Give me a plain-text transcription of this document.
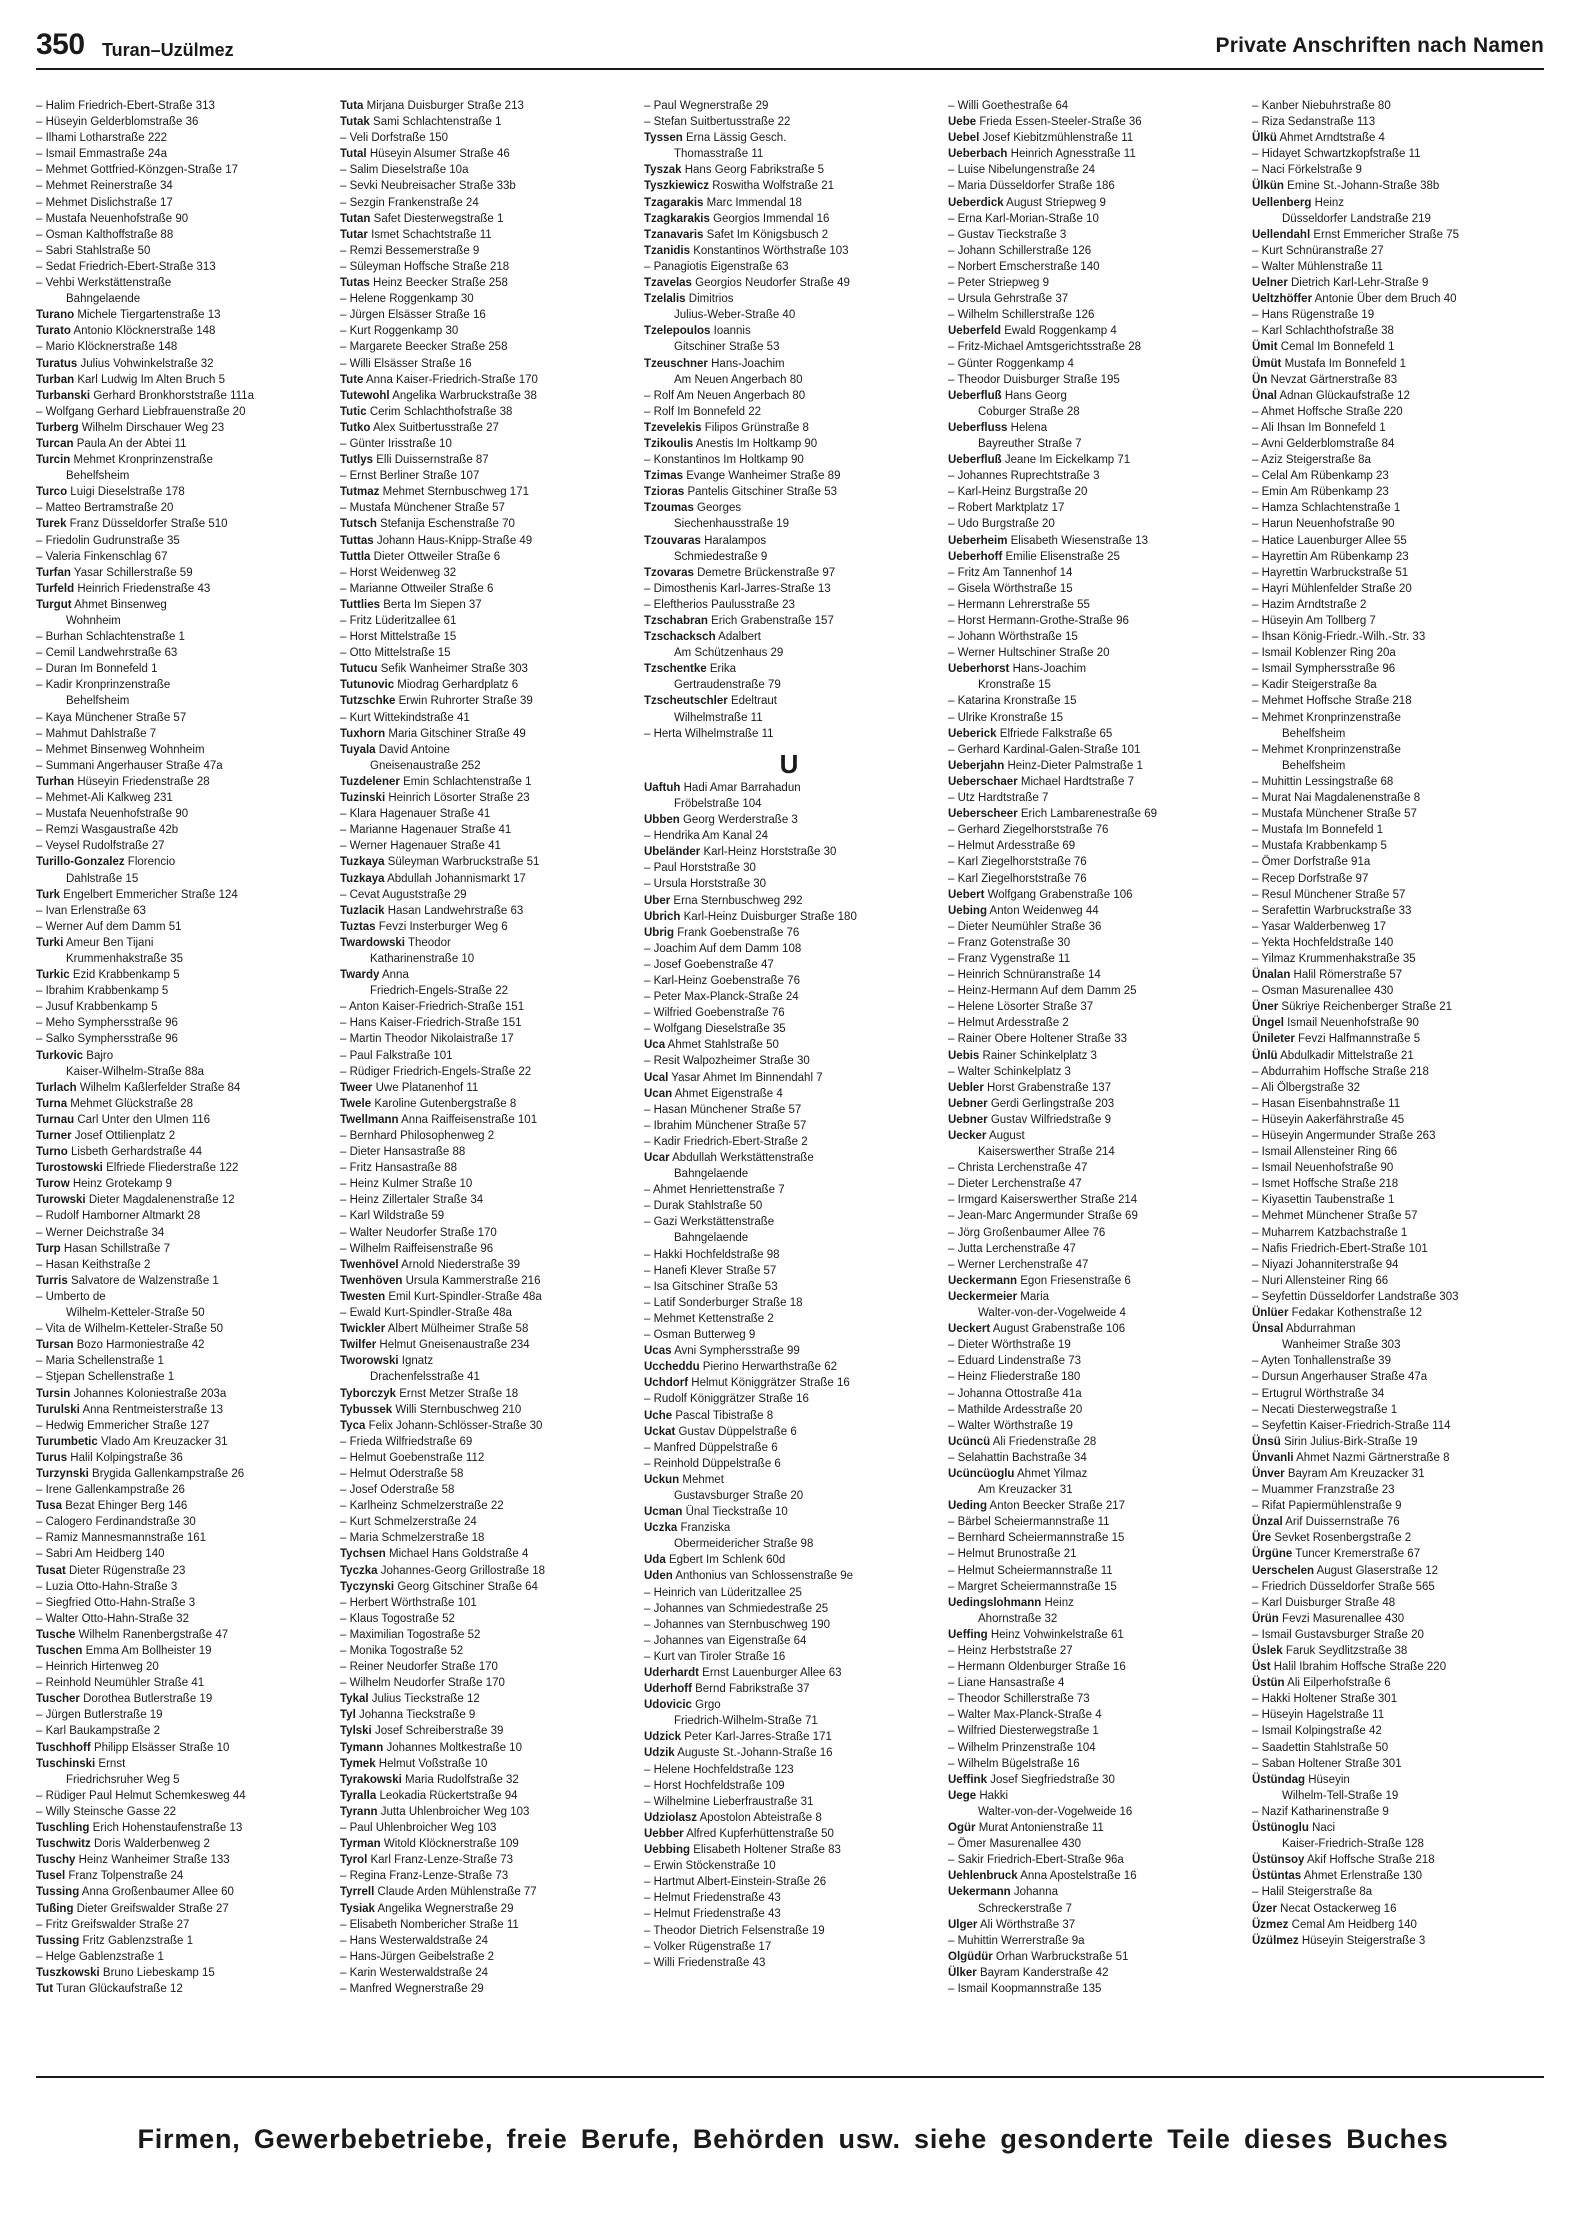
350 Turan–Uzülmez	Private Anschriften nach Namen
– Halim Friedrich-Ebert-Straße 313
– Hüseyin Gelderblomstraße 36
– Ilhami Lotharstraße 222
– Ismail Emmastraße 24a
– Mehmet Gottfried-Könzgen-Straße 17
– Mehmet Reinerstraße 34
– Mehmet Dislichstraße 17
– Mustafa Neuenhofstraße 90
– Osman Kalthoffstraße 88
– Sabri Stahlstraße 50
– Sedat Friedrich-Ebert-Straße 313
– Vehbi Werkstättenstraße
Bahngelaende
Turano Michele Tiergartenstraße 13
Turato Antonio Klöcknerstraße 148
– Mario Klöcknerstraße 148
Turatus Julius Vohwinkelstraße 32
Turban Karl Ludwig Im Alten Bruch 5
Turbanski Gerhard Bronkhorststraße 111a
– Wolfgang Gerhard Liebfrauenstraße 20
Turberg Wilhelm Dirschauer Weg 23
Turcan Paula An der Abtei 11
Turcin Mehmet Kronprinzenstraße
Behelfsheim
Turco Luigi Dieselstraße 178
– Matteo Bertramstraße 20
Turek Franz Düsseldorfer Straße 510
– Friedolin Gudrunstraße 35
– Valeria Finkenschlag 67
Turfan Yasar Schillerstraße 59
Turfeld Heinrich Friedenstraße 43
Turgut Ahmet Binsenweg
Wohnheim
– Burhan Schlachtenstraße 1
– Cemil Landwehrstraße 63
– Duran Im Bonnefeld 1
– Kadir Kronprinzenstraße
Behelfsheim
– Kaya Münchener Straße 57
– Mahmut Dahlstraße 7
– Mehmet Binsenweg Wohnheim
– Summani Angerhauser Straße 47a
Turhan Hüseyin Friedenstraße 28
– Mehmet-Ali Kalkweg 231
– Mustafa Neuenhofstraße 90
– Remzi Wasgaustraße 42b
– Veysel Rudolfstraße 27
Turillo-Gonzalez Florencio
Dahlstraße 15
Turk Engelbert Emmericher Straße 124
– Ivan Erlenstraße 63
– Werner Auf dem Damm 51
Turki Ameur Ben Tijani
Krummenhakstraße 35
Turkic Ezid Krabbenkamp 5
– Ibrahim Krabbenkamp 5
– Jusuf Krabbenkamp 5
– Meho Symphersstraße 96
– Salko Symphersstraße 96
Turkovic Bajro
Kaiser-Wilhelm-Straße 88a
Turlach Wilhelm Kaßlerfelder Straße 84
Turna Mehmet Glückstraße 28
Turnau Carl Unter den Ulmen 116
Turner Josef Ottilienplatz 2
Turno Lisbeth Gerhardstraße 44
Turostowski Elfriede Fliederstraße 122
Turow Heinz Grotekamp 9
Turowski Dieter Magdalenenstraße 12
– Rudolf Hamborner Altmarkt 28
– Werner Deichstraße 34
Turp Hasan Schillstraße 7
– Hasan Keithstraße 2
Turris Salvatore de Walzenstraße 1
– Umberto de
Wilhelm-Ketteler-Straße 50
– Vita de Wilhelm-Ketteler-Straße 50
Tursan Bozo Harmoniestraße 42
– Maria Schellenstraße 1
– Stjepan Schellenstraße 1
Tursin Johannes Koloniestraße 203a
Turulski Anna Rentmeisterstraße 13
– Hedwig Emmericher Straße 127
Turumbetic Vlado Am Kreuzacker 31
Turus Halil Kolpingstraße 36
Turzynski Brygida Gallenkampstraße 26
– Irene Gallenkampstraße 26
Tusa Bezat Ehinger Berg 146
– Calogero Ferdinandstraße 30
– Ramiz Mannesmannstraße 161
– Sabri Am Heidberg 140
Tusat Dieter Rügenstraße 23
– Luzia Otto-Hahn-Straße 3
– Siegfried Otto-Hahn-Straße 3
– Walter Otto-Hahn-Straße 32
Tusche Wilhelm Ranenbergstraße 47
Tuschen Emma Am Bollheister 19
– Heinrich Hirtenweg 20
– Reinhold Neumühler Straße 41
Tuscher Dorothea Butlerstraße 19
– Jürgen Butlerstraße 19
– Karl Baukampstraße 2
Tuschhoff Philipp Elsässer Straße 10
Tuschinski Ernst
Friedrichsruher Weg 5
– Rüdiger Paul Helmut Schemkesweg 44
– Willy Steinsche Gasse 22
Tuschling Erich Hohenstaufenstraße 13
Tuschwitz Doris Walderbenweg 2
Tuschy Heinz Wanheimer Straße 133
Tusel Franz Tolpenstraße 24
Tussing Anna Großenbaumer Allee 60
Tußing Dieter Greifswalder Straße 27
– Fritz Greifswalder Straße 27
Tussing Fritz Gablenzstraße 1
– Helge Gablenzstraße 1
Tuszkowski Bruno Liebeskamp 15
Tut Turan Glückaufstraße 12
Tuta Mirjana Duisburger Straße 213
Tutak Sami Schlachtenstraße 1
– Veli Dorfstraße 150
Tutal Hüseyin Alsumer Straße 46
– Salim Dieselstraße 10a
– Sevki Neubreisacher Straße 33b
– Sezgin Frankenstraße 24
Tutan Safet Diesterwegstraße 1
Tutar Ismet Schachtstraße 11
– Remzi Bessemerstraße 9
– Süleyman Hoffsche Straße 218
Tutas Heinz Beecker Straße 258
– Helene Roggenkamp 30
– Jürgen Elsässer Straße 16
– Kurt Roggenkamp 30
– Margarete Beecker Straße 258
– Willi Elsässer Straße 16
Tute Anna Kaiser-Friedrich-Straße 170
Tutewohl Angelika Warbruckstraße 38
Tutic Cerim Schlachthofstraße 38
Tutko Alex Suitbertusstraße 27
– Günter Irisstraße 10
Tutlys Elli Duissernstraße 87
– Ernst Berliner Straße 107
Tutmaz Mehmet Sternbuschweg 171
– Mustafa Münchener Straße 57
Tutsch Stefanija Eschenstraße 70
Tuttas Johann Haus-Knipp-Straße 49
Tuttla Dieter Ottweiler Straße 6
– Horst Weidenweg 32
– Marianne Ottweiler Straße 6
Tuttlies Berta Im Siepen 37
– Fritz Lüderitzallee 61
– Horst Mittelstraße 15
– Otto Mittelstraße 15
Tutucu Sefik Wanheimer Straße 303
Tutunovic Miodrag Gerhardplatz 6
Tutzschke Erwin Ruhrorter Straße 39
– Kurt Wittekindstraße 41
Tuxhorn Maria Gitschiner Straße 49
Tuyala David Antoine
Gneisenaustraße 252
Tuzdelener Emin Schlachtenstraße 1
Tuzinski Heinrich Lösorter Straße 23
– Klara Hagenauer Straße 41
– Marianne Hagenauer Straße 41
– Werner Hagenauer Straße 41
Tuzkaya Süleyman Warbruckstraße 51
Tuzkaya Abdullah Johannismarkt 17
– Cevat Auguststraße 29
Tuzlacik Hasan Landwehrstraße 63
Tuztas Fevzi Insterburger Weg 6
Twardowski Theodor
Katharinenstraße 10
Twardy Anna
Friedrich-Engels-Straße 22
– Anton Kaiser-Friedrich-Straße 151
– Hans Kaiser-Friedrich-Straße 151
– Martin Theodor Nikolaistraße 17
– Paul Falkstraße 101
– Rüdiger Friedrich-Engels-Straße 22
Tweer Uwe Platanenhof 11
Twele Karoline Gutenbergstraße 8
Twellmann Anna Raiffeisenstraße 101
– Bernhard Philosophenweg 2
– Dieter Hansastraße 88
– Fritz Hansastraße 88
– Heinz Kulmer Straße 10
– Heinz Zillertaler Straße 34
– Karl Wildstraße 59
– Walter Neudorfer Straße 170
– Wilhelm Raiffeisenstraße 96
Twenhövel Arnold Niederstraße 39
Twenhöven Ursula Kammerstraße 216
Twesten Emil Kurt-Spindler-Straße 48a
– Ewald Kurt-Spindler-Straße 48a
Twickler Albert Mülheimer Straße 58
Twilfer Helmut Gneisenaustraße 234
Tworowski Ignatz
Drachenfelsstraße 41
Tyborczyk Ernst Metzer Straße 18
Tybussek Willi Sternbuschweg 210
Tyca Felix Johann-Schlösser-Straße 30
– Frieda Wilfriedstraße 69
– Helmut Goebenstraße 112
– Helmut Oderstraße 58
– Josef Oderstraße 58
– Karlheinz Schmelzerstraße 22
– Kurt Schmelzerstraße 24
– Maria Schmelzerstraße 18
Tychsen Michael Hans Goldstraße 4
Tyczka Johannes-Georg Grillostraße 18
Tyczynski Georg Gitschiner Straße 64
– Herbert Wörthstraße 101
– Klaus Togostraße 52
– Maximilian Togostraße 52
– Monika Togostraße 52
– Reiner Neudorfer Straße 170
– Wilhelm Neudorfer Straße 170
Tykal Julius Tieckstraße 12
Tyl Johanna Tieckstraße 9
Tylski Josef Schreiberstraße 39
Tymann Johannes Moltkestraße 10
Tymek Helmut Voßstraße 10
Tyrakowski Maria Rudolfstraße 32
Tyralla Leokadia Rückertstraße 94
Tyrann Jutta Uhlenbroicher Weg 103
– Paul Uhlenbroicher Weg 103
Tyrman Witold Klöcknerstraße 109
Tyrol Karl Franz-Lenze-Straße 73
– Regina Franz-Lenze-Straße 73
Tyrrell Claude Arden Mühlenstraße 77
Tysiak Angelika Wegnerstraße 29
– Elisabeth Nombericher Straße 11
– Hans Westerwaldstraße 24
– Hans-Jürgen Geibelstraße 2
– Karin Westerwaldstraße 24
– Manfred Wegnerstraße 29
– Paul Wegnerstraße 29
– Stefan Suitbertusstraße 22
Tyssen Erna Lässig Gesch.
Thomasstraße 11
Tyszak Hans Georg Fabrikstraße 5
Tyszkiewicz Roswitha Wolfstraße 21
Tzagarakis Marc Immendal 18
Tzagkarakis Georgios Immendal 16
Tzanavaris Safet Im Königsbusch 2
Tzanidis Konstantinos Wörthstraße 103
– Panagiotis Eigenstraße 63
Tzavelas Georgios Neudorfer Straße 49
Tzelalis Dimitrios
Julius-Weber-Straße 40
Tzelepoulos Ioannis
Gitschiner Straße 53
Tzeuschner Hans-Joachim
Am Neuen Angerbach 80
– Rolf Am Neuen Angerbach 80
– Rolf Im Bonnefeld 22
Tzevelekis Filipos Grünstraße 8
Tzikoulis Anestis Im Holtkamp 90
– Konstantinos Im Holtkamp 90
Tzimas Evange Wanheimer Straße 89
Tzioras Pantelis Gitschiner Straße 53
Tzoumas Georges
Siechenhausstraße 19
Tzouvaras Haralampos
Schmiedestraße 9
Tzovaras Demetre Brückenstraße 97
– Dimosthenis Karl-Jarres-Straße 13
– Eleftherios Paulusstraße 23
Tzschabran Erich Grabenstraße 157
Tzschacksch Adalbert
Am Schützenhaus 29
Tzschentke Erika
Gertraudenstraße 79
Tzscheutschler Edeltraut
Wilhelmstraße 11
– Herta Wilhelmstraße 11
U
Uaftuh Hadi Amar Barrahadun
Fröbelstraße 104
Ubben Georg Werderstraße 3
– Hendrika Am Kanal 24
Ubeländer Karl-Heinz Horststraße 30
– Paul Horststraße 30
– Ursula Horststraße 30
Uber Erna Sternbuschweg 292
Ubrich Karl-Heinz Duisburger Straße 180
Ubrig Frank Goebenstraße 76
– Joachim Auf dem Damm 108
– Josef Goebenstraße 47
– Karl-Heinz Goebenstraße 76
– Peter Max-Planck-Straße 24
– Wilfried Goebenstraße 76
– Wolfgang Dieselstraße 35
Uca Ahmet Stahlstraße 50
– Resit Walpozheimer Straße 30
Ucal Yasar Ahmet Im Binnendahl 7
Ucan Ahmet Eigenstraße 4
– Hasan Münchener Straße 57
– Ibrahim Münchener Straße 57
– Kadir Friedrich-Ebert-Straße 2
Ucar Abdullah Werkstättenstraße
Bahngelaende
– Ahmet Henriettenstraße 7
– Durak Stahlstraße 50
– Gazi Werkstättenstraße
Bahngelaende
– Hakki Hochfeldstraße 98
– Hanefi Klever Straße 57
– Isa Gitschiner Straße 53
– Latif Sonderburger Straße 18
– Mehmet Kettenstraße 2
– Osman Butterweg 9
Ucas Avni Symphersstraße 99
Uccheddu Pierino Herwarthstraße 62
Uchdorf Helmut Königgrätzer Straße 16
– Rudolf Königgrätzer Straße 16
Uche Pascal Tibistraße 8
Uckat Gustav Düppelstraße 6
– Manfred Düppelstraße 6
– Reinhold Düppelstraße 6
Uckun Mehmet
Gustavsburger Straße 20
Ucman Ünal Tieckstraße 10
Uczka Franziska
Obermeidericher Straße 98
Uda Egbert Im Schlenk 60d
Uden Anthonius van Schlossenstraße 9e
– Heinrich van Lüderitzallee 25
– Johannes van Schmiedestraße 25
– Johannes van Sternbuschweg 190
– Johannes van Eigenstraße 64
– Kurt van Tiroler Straße 16
Uderhardt Ernst Lauenburger Allee 63
Uderhoff Bernd Fabrikstraße 37
Udovicic Grgo
Friedrich-Wilhelm-Straße 71
Udzick Peter Karl-Jarres-Straße 171
Udzik Auguste St.-Johann-Straße 16
– Helene Hochfeldstraße 123
– Horst Hochfeldstraße 109
– Wilhelmine Lieberfraustraße 31
Udziolasz Apostolon Abteistraße 8
Uebber Alfred Kupferhüttenstraße 50
Uebbing Elisabeth Holtener Straße 83
– Erwin Stöckenstraße 10
– Hartmut Albert-Einstein-Straße 26
– Helmut Friedenstraße 43
– Helmut Friedenstraße 43
– Theodor Dietrich Felsenstraße 19
– Volker Rügenstraße 17
– Willi Friedenstraße 43
– Willi Goethestraße 64
Uebe Frieda Essen-Steeler-Straße 36
Uebel Josef Kiebitzmühlenstraße 11
Ueberbach Heinrich Agnesstraße 11
– Luise Nibelungenstraße 24
– Maria Düsseldorfer Straße 186
Ueberdick August Striepweg 9
– Erna Karl-Morian-Straße 10
– Gustav Tieckstraße 3
– Johann Schillerstraße 126
– Norbert Emscherstraße 140
– Peter Striepweg 9
– Ursula Gehrstraße 37
– Wilhelm Schillerstraße 126
Ueberfeld Ewald Roggenkamp 4
– Fritz-Michael Amtsgerichtsstraße 28
– Günter Roggenkamp 4
– Theodor Duisburger Straße 195
Ueberfluß Hans Georg
Coburger Straße 28
Ueberfluss Helena
Bayreuther Straße 7
Ueberfluß Jeane Im Eickelkamp 71
– Johannes Ruprechtstraße 3
– Karl-Heinz Burgstraße 20
– Robert Marktplatz 17
– Udo Burgstraße 20
Ueberheim Elisabeth Wiesenstraße 13
Ueberhoff Emilie Elisenstraße 25
– Fritz Am Tannenhof 14
– Gisela Wörthstraße 15
– Hermann Lehrerstraße 55
– Horst Hermann-Grothe-Straße 96
– Johann Wörthstraße 15
– Werner Hultschiner Straße 20
Ueberhorst Hans-Joachim
Kronstraße 15
– Katarina Kronstraße 15
– Ulrike Kronstraße 15
Ueberick Elfriede Falkstraße 65
– Gerhard Kardinal-Galen-Straße 101
Ueberjahn Heinz-Dieter Palmstraße 1
Ueberschaer Michael Hardtstraße 7
– Utz Hardtstraße 7
Ueberscheer Erich Lambarenestraße 69
– Gerhard Ziegelhorststraße 76
– Helmut Ardesstraße 69
– Karl Ziegelhorststraße 76
– Karl Ziegelhorststraße 76
Uebert Wolfgang Grabenstraße 106
Uebing Anton Weidenweg 44
– Dieter Neumühler Straße 36
– Franz Gotenstraße 30
– Franz Vygenstraße 11
– Heinrich Schnüranstraße 14
– Heinz-Hermann Auf dem Damm 25
– Helene Lösorter Straße 37
– Helmut Ardesstraße 2
– Rainer Obere Holtener Straße 33
Uebis Rainer Schinkelplatz 3
– Walter Schinkelplatz 3
Uebler Horst Grabenstraße 137
Uebner Gerdi Gerlingstraße 203
Uebner Gustav Wilfriedstraße 9
Uecker August
Kaiserswerther Straße 214
– Christa Lerchenstraße 47
– Dieter Lerchenstraße 47
– Irmgard Kaiserswerther Straße 214
– Jean-Marc Angermunder Straße 69
– Jörg Großenbaumer Allee 76
– Jutta Lerchenstraße 47
– Werner Lerchenstraße 47
Ueckermann Egon Friesenstraße 6
Ueckermeier Maria
Walter-von-der-Vogelweide 4
Ueckert August Grabenstraße 106
– Dieter Wörthstraße 19
– Eduard Lindenstraße 73
– Heinz Fliederstraße 180
– Johanna Ottostraße 41a
– Mathilde Ardesstraße 20
– Walter Wörthstraße 19
Ucüncü Ali Friedenstraße 28
– Selahattin Bachstraße 34
Ucüncüoglu Ahmet Yilmaz
Am Kreuzacker 31
Ueding Anton Beecker Straße 217
– Bärbel Scheiermannstraße 11
– Bernhard Scheiermannstraße 15
– Helmut Brunostraße 21
– Helmut Scheiermannstraße 11
– Margret Scheiermannstraße 15
Uedingslohmann Heinz
Ahornstraße 32
Ueffing Heinz Vohwinkelstraße 61
– Heinz Herbststraße 27
– Hermann Oldenburger Straße 16
– Liane Hansastraße 4
– Theodor Schillerstraße 73
– Walter Max-Planck-Straße 4
– Wilfried Diesterwegstraße 1
– Wilhelm Prinzenstraße 104
– Wilhelm Bügelstraße 16
Ueffink Josef Siegfriedstraße 30
Uege Hakki
Walter-von-der-Vogelweide 16
Ogür Murat Antonienstraße 11
– Ömer Masurenallee 430
– Sakir Friedrich-Ebert-Straße 96a
Uehlenbruck Anna Apostelstraße 16
Uekermann Johanna
Schreckerstraße 7
Ulger Ali Wörthstraße 37
– Muhittin Werrerstraße 9a
Olgüdür Orhan Warbruckstraße 51
Ülker Bayram Kanderstraße 42
– Ismail Koopmannstraße 135
– Kanber Niebuhrstraße 80
– Riza Sedanstraße 113
Ülkü Ahmet Arndtstraße 4
– Hidayet Schwartzkopfstraße 11
– Naci Förkelstraße 9
Ülkün Emine St.-Johann-Straße 38b
Uellenberg Heinz
Düsseldorfer Landstraße 219
Uellendahl Ernst Emmericher Straße 75
– Kurt Schnüranstraße 27
– Walter Mühlenstraße 11
Uelner Dietrich Karl-Lehr-Straße 9
Ueltzhöffer Antonie Über dem Bruch 40
– Hans Rügenstraße 19
– Karl Schlachthofstraße 38
Ümit Cemal Im Bonnefeld 1
Ümüt Mustafa Im Bonnefeld 1
Ün Nevzat Gärtnerstraße 83
Ünal Adnan Glückaufstraße 12
– Ahmet Hoffsche Straße 220
– Ali Ihsan Im Bonnefeld 1
– Avni Gelderblomstraße 84
– Aziz Steigerstraße 8a
– Celal Am Rübenkamp 23
– Emin Am Rübenkamp 23
– Hamza Schlachtenstraße 1
– Harun Neuenhofstraße 90
– Hatice Lauenburger Allee 55
– Hayrettin Am Rübenkamp 23
– Hayrettin Warbruckstraße 51
– Hayri Mühlenfelder Straße 20
– Hazim Arndtstraße 2
– Hüseyin Am Tollberg 7
– Ihsan König-Friedr.-Wilh.-Str. 33
– Ismail Koblenzer Ring 20a
– Ismail Symphersstraße 96
– Kadir Steigerstraße 8a
– Mehmet Hoffsche Straße 218
– Mehmet Kronprinzenstraße
Behelfsheim
– Mehmet Kronprinzenstraße
Behelfsheim
– Muhittin Lessingstraße 68
– Murat Nai Magdalenenstraße 8
– Mustafa Münchener Straße 57
– Mustafa Im Bonnefeld 1
– Mustafa Krabbenkamp 5
– Ömer Dorfstraße 91a
– Recep Dorfstraße 97
– Resul Münchener Straße 57
– Serafettin Warbruckstraße 33
– Yasar Walderbenweg 17
– Yekta Hochfeldstraße 140
– Yilmaz Krummenhakstraße 35
Ünalan Halil Römerstraße 57
– Osman Masurenallee 430
Üner Sükriye Reichenberger Straße 21
Üngel Ismail Neuenhofstraße 90
Ünileter Fevzi Halfmannstraße 5
Ünlü Abdulkadir Mittelstraße 21
– Abdurrahim Hoffsche Straße 218
– Ali Ölbergstraße 32
– Hasan Eisenbahnstraße 11
– Hüseyin Aakerfährstraße 45
– Hüseyin Angermunder Straße 263
– Ismail Allensteiner Ring 66
– Ismail Neuenhofstraße 90
– Ismet Hoffsche Straße 218
– Kiyasettin Taubenstraße 1
– Mehmet Münchener Straße 57
– Muharrem Katzbachstraße 1
– Nafis Friedrich-Ebert-Straße 101
– Niyazi Johanniterstraße 94
– Nuri Allensteiner Ring 66
– Seyfettin Düsseldorfer Landstraße 303
Ünlüer Fedakar Kothenstraße 12
Ünsal Abdurrahman
Wanheimer Straße 303
– Ayten Tonhallenstraße 39
– Dursun Angerhauser Straße 47a
– Ertugrul Wörthstraße 34
– Necati Diesterwegstraße 1
– Seyfettin Kaiser-Friedrich-Straße 114
Ünsü Sirin Julius-Birk-Straße 19
Ünvanli Ahmet Nazmi Gärtnerstraße 8
Ünver Bayram Am Kreuzacker 31
– Muammer Franzstraße 23
– Rifat Papiermühlenstraße 9
Ünzal Arif Duissernstraße 76
Üre Sevket Rosenbergstraße 2
Ürgüne Tuncer Kremerstraße 67
Uerschelen August Glaserstraße 12
– Friedrich Düsseldorfer Straße 565
– Karl Duisburger Straße 48
Ürün Fevzi Masurenallee 430
– Ismail Gustavsburger Straße 20
Üslek Faruk Seydlitzstraße 38
Üst Halil Ibrahim Hoffsche Straße 220
Üstün Ali Eilperhofstraße 6
– Hakki Holtener Straße 301
– Hüseyin Hagelstraße 11
– Ismail Kolpingstraße 42
– Saadettin Stahlstraße 50
– Saban Holtener Straße 301
Üstündag Hüseyin
Wilhelm-Tell-Straße 19
– Nazif Katharinenstraße 9
Üstünoglu Naci
Kaiser-Friedrich-Straße 128
Üstünsoy Akif Hoffsche Straße 218
Üstüntas Ahmet Erlenstraße 130
– Halil Steigerstraße 8a
Üzer Necat Ostackerweg 16
Üzmez Cemal Am Heidberg 140
Üzülmez Hüseyin Steigerstraße 3
Firmen, Gewerbebetriebe, freie Berufe, Behörden usw. siehe gesonderte Teile dieses Buches
